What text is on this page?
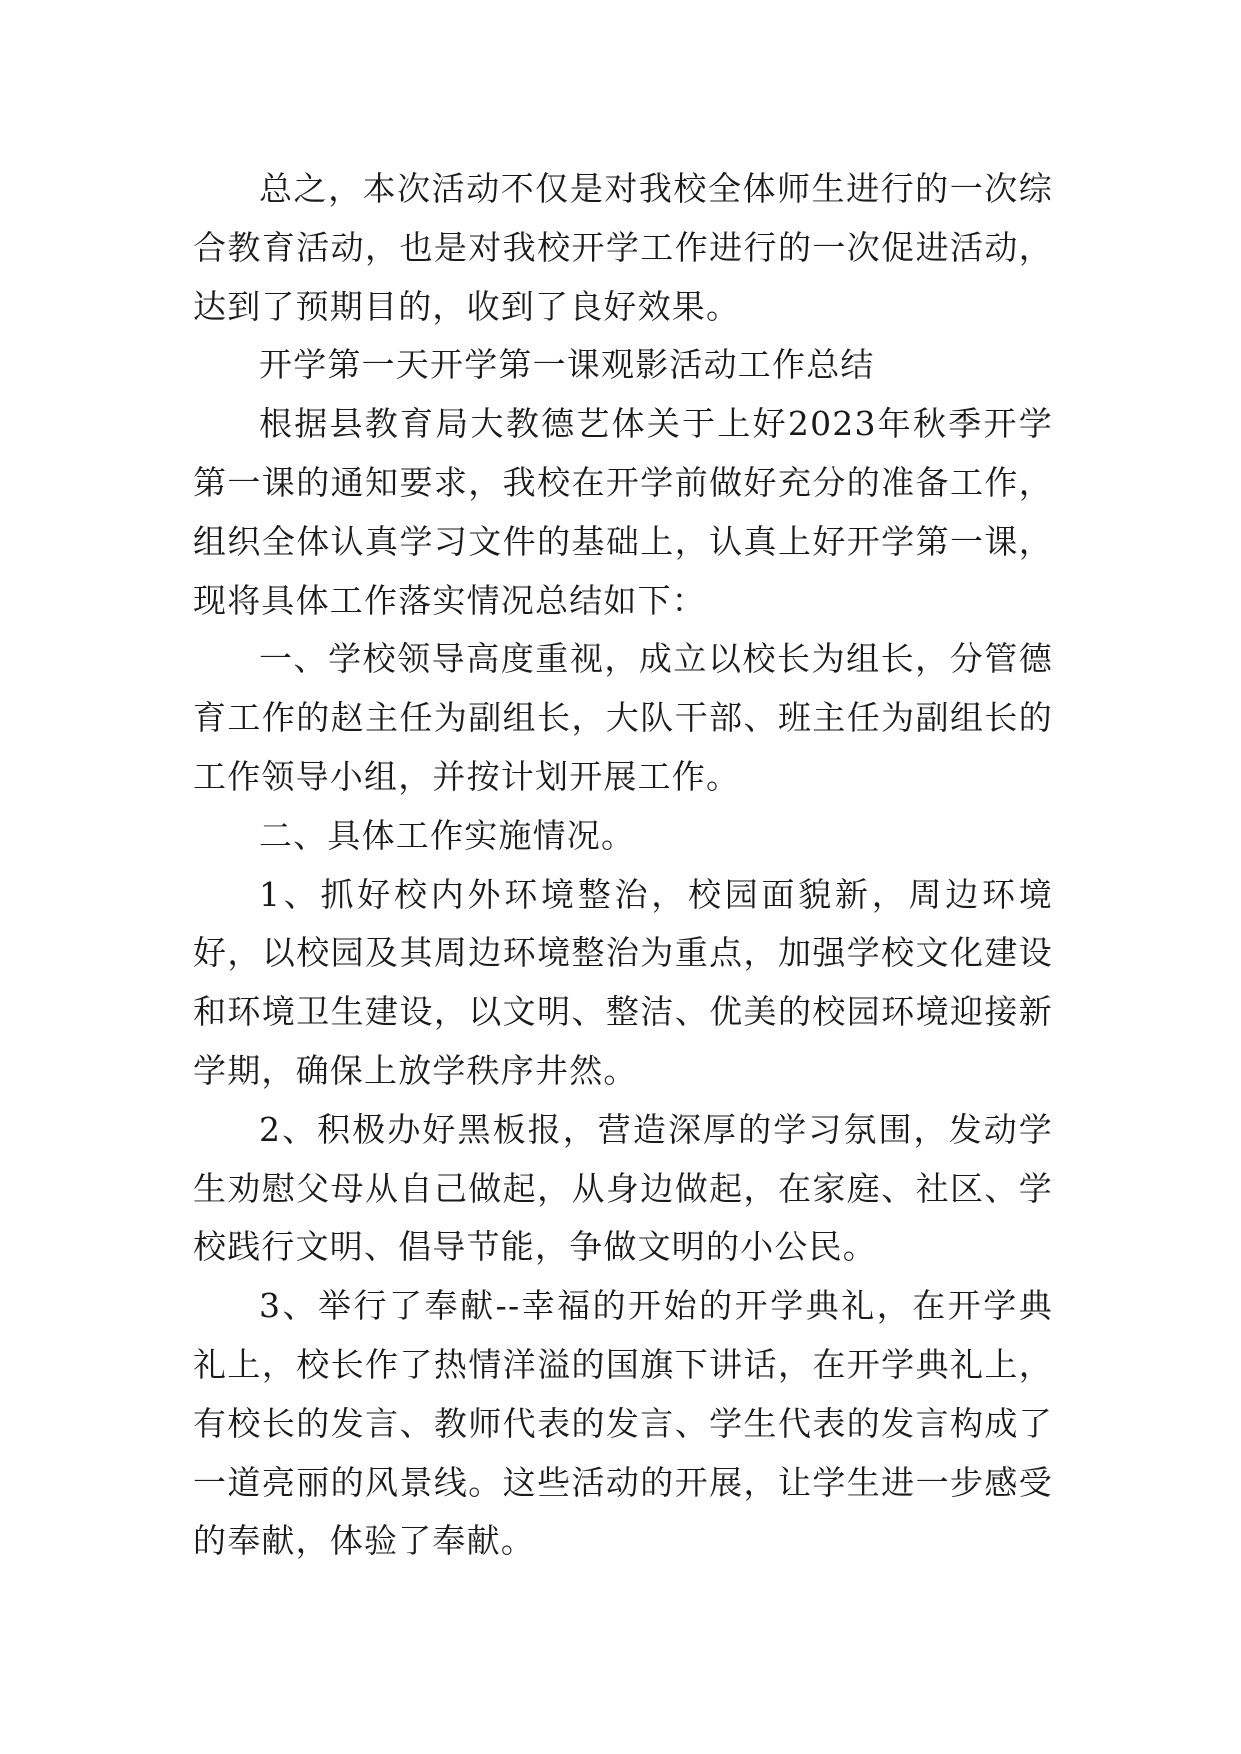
总之，本次活动不仅是对我校全体师生进行的一次综合教育活动，也是对我校开学工作进行的一次促进活动，达到了预期目的，收到了良好效果。

开学第一天开学第一课观影活动工作总结

根据县教育局大教德艺体关于上好2023年秋季开学第一课的通知要求，我校在开学前做好充分的准备工作，组织全体认真学习文件的基础上，认真上好开学第一课，现将具体工作落实情况总结如下：

一、学校领导高度重视，成立以校长为组长，分管德育工作的赵主任为副组长，大队干部、班主任为副组长的工作领导小组，并按计划开展工作。

二、具体工作实施情况。

1、抓好校内外环境整治，校园面貌新，周边环境好，以校园及其周边环境整治为重点，加强学校文化建设和环境卫生建设，以文明、整洁、优美的校园环境迎接新学期，确保上放学秩序井然。

2、积极办好黑板报，营造深厚的学习氛围，发动学生劝慰父母从自己做起，从身边做起，在家庭、社区、学校践行文明、倡导节能，争做文明的小公民。

3、举行了奉献--幸福的开始的开学典礼，在开学典礼上，校长作了热情洋溢的国旗下讲话，在开学典礼上，有校长的发言、教师代表的发言、学生代表的发言构成了一道亮丽的风景线。这些活动的开展，让学生进一步感受的奉献，体验了奉献。
